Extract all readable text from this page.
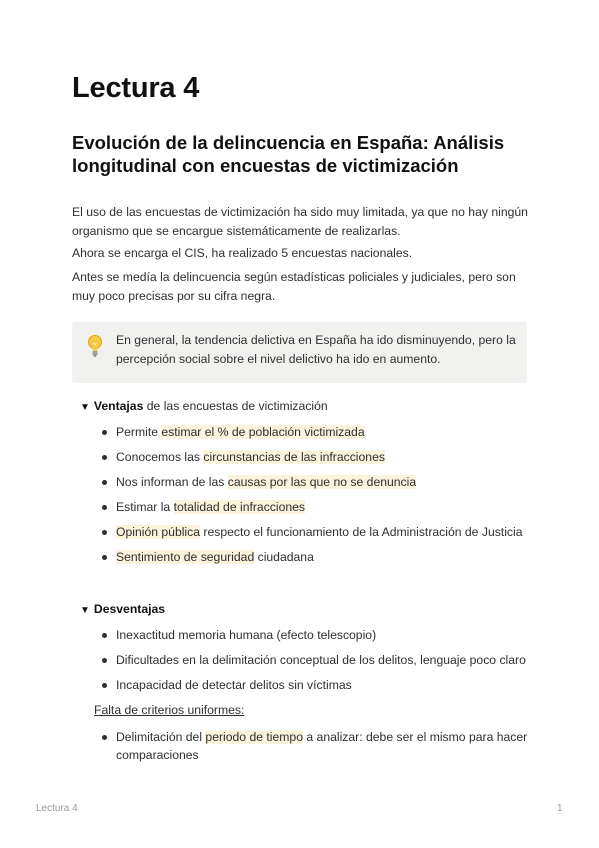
Lectura 4
Evolución de la delincuencia en España: Análisis longitudinal con encuestas de victimización

El uso de las encuestas de victimización ha sido muy limitada, ya que no hay ningún organismo que se encargue sistemáticamente de realizarlas.

Ahora se encarga el CIS, ha realizado 5 encuestas nacionales.

Antes se medía la delincuencia según estadísticas policiales y judiciales, pero son muy poco precisas por su cifra negra.

En general, la tendencia delictiva en España ha ido disminuyendo, pero la percepción social sobre el nivel delictivo ha ido en aumento.
▼ Ventajas de las encuestas de victimización
Permite estimar el % de población victimizada
Conocemos las circunstancias de las infracciones
Nos informan de las causas por las que no se denuncia
Estimar la totalidad de infracciones
Opinión pública respecto el funcionamiento de la Administración de Justicia
Sentimiento de seguridad ciudadana
▼ Desventajas
Inexactitud memoria humana (efecto telescopio)
Dificultades en la delimitación conceptual de los delitos, lenguaje poco claro
Incapacidad de detectar delitos sin víctimas
Falta de criterios uniformes:
Delimitación del periodo de tiempo a analizar: debe ser el mismo para hacer comparaciones
Lectura 4	1
